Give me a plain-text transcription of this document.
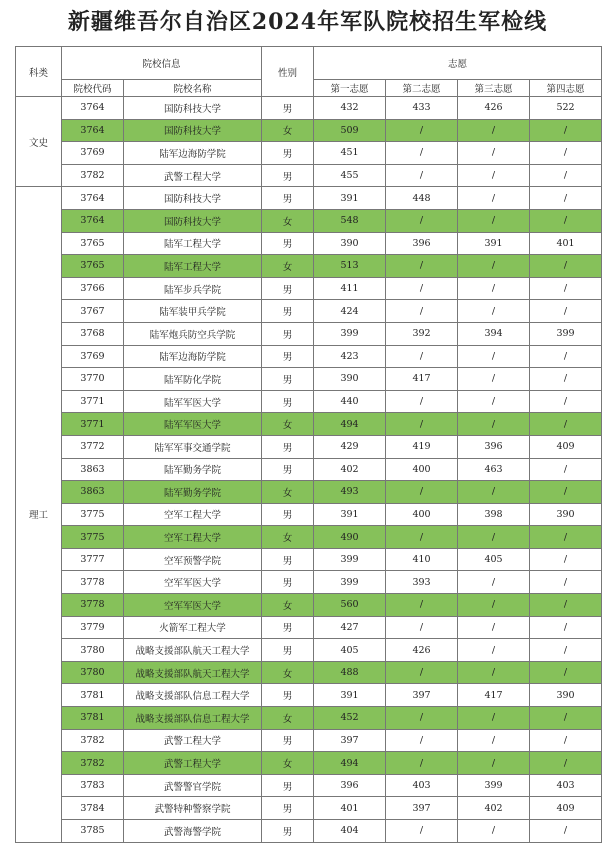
新疆维吾尔自治区2024年军队院校招生军检线
科类	院校信息		性别	志愿			
	院校代码	院校名称		第一志愿	第二志愿	第三志愿	第四志愿
文史	3764	国防科技大学	男	432	433	426	522
	3764	国防科技大学	女	509	/	/	/
	3769	陆军边海防学院	男	451	/	/	/
	3782	武警工程大学	男	455	/	/	/
理工	3764	国防科技大学	男	391	448	/	/
	3764	国防科技大学	女	548	/	/	/
	3765	陆军工程大学	男	390	396	391	401
	3765	陆军工程大学	女	513	/	/	/
	3766	陆军步兵学院	男	411	/	/	/
	3767	陆军装甲兵学院	男	424	/	/	/
	3768	陆军炮兵防空兵学院	男	399	392	394	399
	3769	陆军边海防学院	男	423	/	/	/
	3770	陆军防化学院	男	390	417	/	/
	3771	陆军军医大学	男	440	/	/	/
	3771	陆军军医大学	女	494	/	/	/
	3772	陆军军事交通学院	男	429	419	396	409
	3863	陆军勤务学院	男	402	400	463	/
	3863	陆军勤务学院	女	493	/	/	/
	3775	空军工程大学	男	391	400	398	390
	3775	空军工程大学	女	490	/	/	/
	3777	空军预警学院	男	399	410	405	/
	3778	空军军医大学	男	399	393	/	/
	3778	空军军医大学	女	560	/	/	/
	3779	火箭军工程大学	男	427	/	/	/
	3780	战略支援部队航天工程大学	男	405	426	/	/
	3780	战略支援部队航天工程大学	女	488	/	/	/
	3781	战略支援部队信息工程大学	男	391	397	417	390
	3781	战略支援部队信息工程大学	女	452	/	/	/
	3782	武警工程大学	男	397	/	/	/
	3782	武警工程大学	女	494	/	/	/
	3783	武警警官学院	男	396	403	399	403
	3784	武警特种警察学院	男	401	397	402	409
	3785	武警海警学院	男	404	/	/	/
